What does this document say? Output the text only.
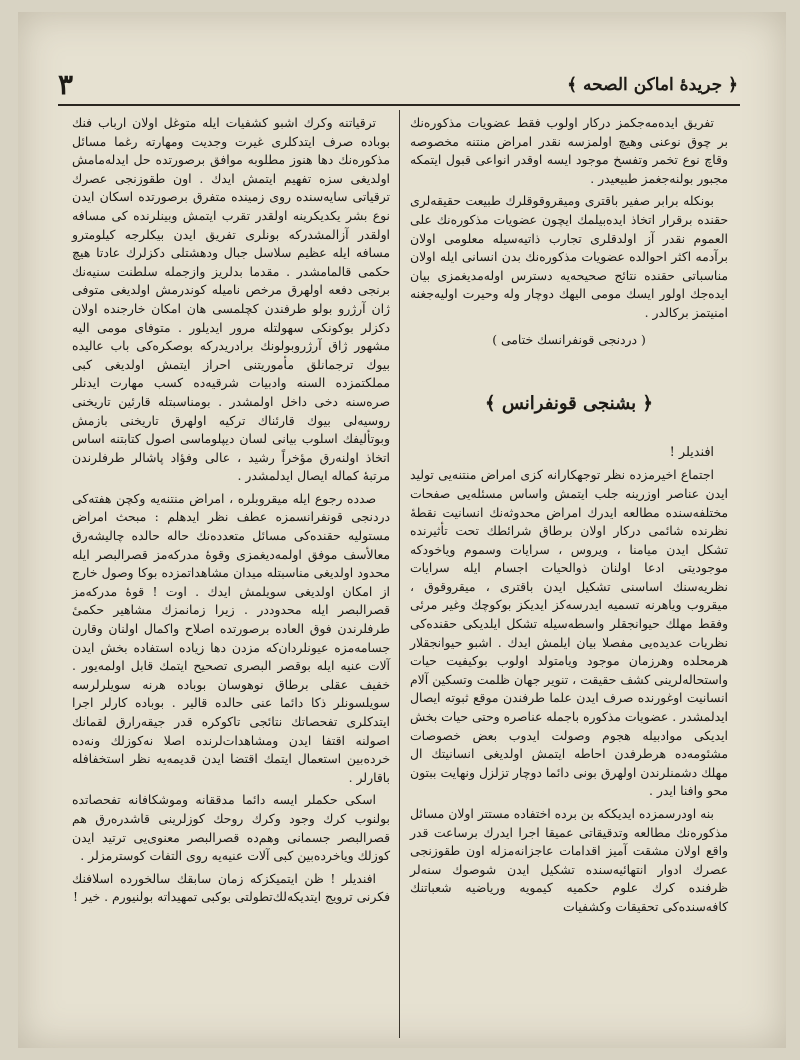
٣	﴿ جريدۀ اماكن الصحه ﴾

تفريق ايده‌مه‌جكمز دركار اولوب فقط عضويات مذكوره‌نك بر چوق نوعنی وهيچ اولمزسه نقدر امراض منتنه مخصوصه وقاچ نوع تخمر وتفسخ موجود ايسه اوقدر انواعی قبول ايتمكه مجبور بولنه‌جغمز طبيعيدر .

بونكله برابر صفير باقتری وميقروقوقلرك طبيعت حقيقه‌لری حقنده برقرار اتخاذ ايده‌بيلمك ايچون عضويات مذكوره‌نك علی العموم نقدر آز اولدقلری تجارب ذاتيه‌سيله معلومی اولان برآدمه اكثر احوالده عضويات مذكوره‌نك بدن انسانی ايله اولان مناسباتی حقنده نتائج صحيحه‌يه دسترس اوله‌مديغمزی بيان ايده‌جك اولور ايسك مومی اليهك دوچار وله وحيرت اوليه‌جغنه امنيتمز بركالدر .

( دردنجی قونفرانسك ختامی )
﴿ بشنجی قونفرانس ﴾

افنديلر !

اجتماع اخيرمزده نظر توجهكارانه كزی امراض منتنه‌يی توليد ايدن عناصر اوزرينه جلب ايتمش واساس مسئله‌يی صفحات مختلفه‌سنده مطالعه ايدرك امراض محدوثه‌نك انسانيت نقطۀ نظرنده شائمی دركار اولان برطاق شرائطك تحت تأثيرنده تشكل ايدن ميامنا ، ويروس ، سرايات وسموم وياخودكه موجوديتی ادعا اولنان ذوالحيات اجسام ايله سرايات نظريه‌سنك اساسنی تشكيل ايدن باقتری ، ميقروقوق ، ميقروب وياهرنه تسميه ايدرسه‌كز ايديكز بوكوچك وغير مرئی وفقط مهلك حيوانجقلر واسطه‌سيله تشكل ايلديكی حقنده‌كی نظريات عديده‌يی مفصلا بيان ايلمش ايدك . اشبو حيوانجقلار هرمحلده وهرزمان موجود ويامتولد اولوب بوكيفيت حيات واستحاله‌لرينی كشف حقيقت ، تنوير جهان ظلمت وتسكين آلام انسانيت اوغورنده صرف ايدن علما طرفندن موقع ثبوته ايصال ايدلمشدر . عضويات مذكوره باجمله عناصره وحتی حيات بخش ايديكی موادبيله هجوم وصولت ايدوب بعض خصوصات مشئومه‌ده هرطرفدن احاطه ايتمش اولديغی انسانيتك ال مهلك دشمنلرندن اولهرق بونی دائما دوچار تزلزل ونهايت ببتون محو وافنا ايدر .

بنه اودرسمزده ايديككه بن برده اختفاده مستتر اولان مسائل مذكوره‌نك مطالعه وتدقيقاتی عميقا اجرا ايدرك برساعت قدر واقع اولان مشقت آميز اقدامات عاجزانه‌مزله اون طقوزنجی عصرك ادوار انتهائيه‌سنده تشكيل ايدن شوصوك سنه‌لر ظرفنده كرك علوم حكميه كيمويه ورياضيه شعباتنك كافه‌سنده‌كی تحقيقات وكشفيات

ترقياتنه وكرك اشبو كشفيات ايله متوغل اولان ارباب فنك بوباده صرف ايتدكلری غيرت وجديت ومهارته رغما مسائل مذكوره‌نك دها هنوز مطلوبه موافق برصورتده حل ايدله‌مامش اولديغی سزه تفهيم ايتمش ايدك . اون طقوزنجی عصرك ترقياتی سايه‌سنده روی زمينده متفرق برصورتده اسكان ايدن نوع بشر يكديكرينه اولقدر تقرب ايتمش وبينلرنده كی مسافه اولقدر آزالمشدركه بونلری تفريق ايدن بيكلرجه كيلومترو مسافه ايله عظيم سلاسل جبال ودهشتلی دكزلرك عادتا هيچ حكمی قالمامشدر . مقدما بدلريز وازجمله سلطنت سنيه‌نك برنجی دفعه اولهرق مرخص ناميله كوندرمش اولديغی متوفی ژان آرژرو بولو طرفندن كچلمسی هان امكان خارجنده اولان دكزلر بوكونكی سهولتله مرور ايديلور . متوفای مومی اليه مشهور ژاق آرژروبولونك برادريدركه بوصكره‌كی باب عاليده بيوك ترجمانلق مأموريتنی احراز ايتمش اولديغی كبی مملكتمزده السنه وادبيات شرقيه‌ده كسب مهارت ايدنلر صره‌سنه دخی داخل اولمشدر . بومناسبتله قارئين تاريخنی روسيه‌لی بيوك قارئناك تركيه اولهرق تاريخنی بازمش وبوتأليفك اسلوب بيانی لسان ديپلوماسی اصول كتابتنه اساس اتخاذ اولنه‌رق مؤخراً رشيد ، عالی وفؤاد پاشالر طرفلرندن مرتبۀ كماله ايصال ايدلمشدر .

صدده رجوع ايله ميقروبلره ، امراض منتنه‌يه وكچن هفته‌كی دردنجی قونفرانسمزه عطف نظر ايدهلم : مبحث امراض مستوليه حقنده‌كی مسائل متعدده‌نك حاله حالده چاليشه‌رق معالأسف موفق اولمه‌ديغمزی وقوۀ مدركه‌مز قصرالبصر ايله محدود اولديغی مناسبتله ميدان مشاهداتمزده بوكا وصول خارج از امكان اولديغی سويلمش ايدك . اوت ! قوۀ مدركه‌مز قصرالبصر ايله محدوددر . زيرا زمانمزك مشاهير حكمیٔ طرفلرندن فوق العاده برصورتده اصلاح واكمال اولنان وقارن جسامه‌مزه عيونلردان‌كه مزدن دها زياده استفاده بخش ايدن آلات عنيه ايله بوقصر البصری تصحيح ايتمك قابل اولمه‌يور . خفيف عقلی برطاق نوهوسان بوباده هرنه سويلرلرسه سويلسونلر ذكا دائما عنی حالده قالير . بوباده كارلر اجرا ايتدكلری تفحصاتك نتائجی تاكوكره قدر جيقه‌رارق لقمانك اصولنه اقتفا ايدن ومشاهدات‌لرنده اصلا نه‌كوزلك ونه‌ده خرده‌بين استعمال ايتمك اقتضا ايدن قديمه‌يه نظر استخفافله باقارلر .

اسكی حكملر ايسه دائما مدققانه وموشكافانه تفحصاتده بولنوب كرك وجود وكرك روحك كوزلرينی قاشدره‌رق هم قصرالبصر جسمانی وهم‌ده قصرالبصر معنوی‌يی ترتيد ايدن كوزلك وياخرده‌بين كبی آلات عنيه‌يه روی التفات كوسترمزلر .

افنديلر ! ظن ايتميكزكه زمان سابقك سالخورده اسلافنك فكرنی ترويج ايتديكه‌لك‌تطولتی بوكبی تمهيداته بولنيورم . خير !
